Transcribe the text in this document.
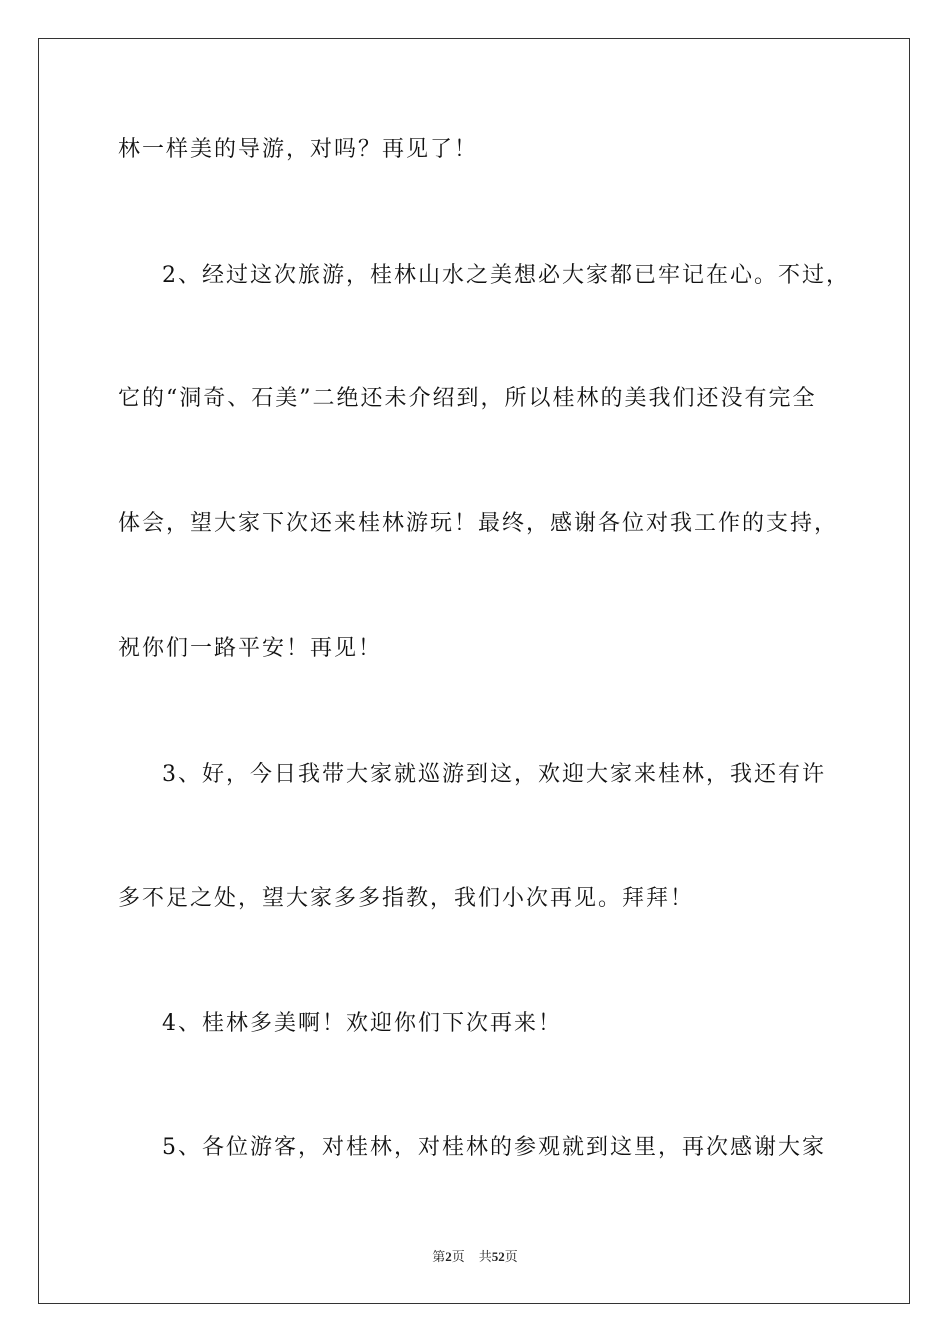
林一样美的导游，对吗？再见了！
2、经过这次旅游，桂林山水之美想必大家都已牢记在心。不过，
它的“洞奇、石美”二绝还未介绍到，所以桂林的美我们还没有完全
体会，望大家下次还来桂林游玩！最终，感谢各位对我工作的支持，
祝你们一路平安！再见！
3、好，今日我带大家就巡游到这，欢迎大家来桂林，我还有许
多不足之处，望大家多多指教，我们小次再见。拜拜！
4、桂林多美啊！欢迎你们下次再来！
5、各位游客，对桂林，对桂林的参观就到这里，再次感谢大家
第2页 共52页
